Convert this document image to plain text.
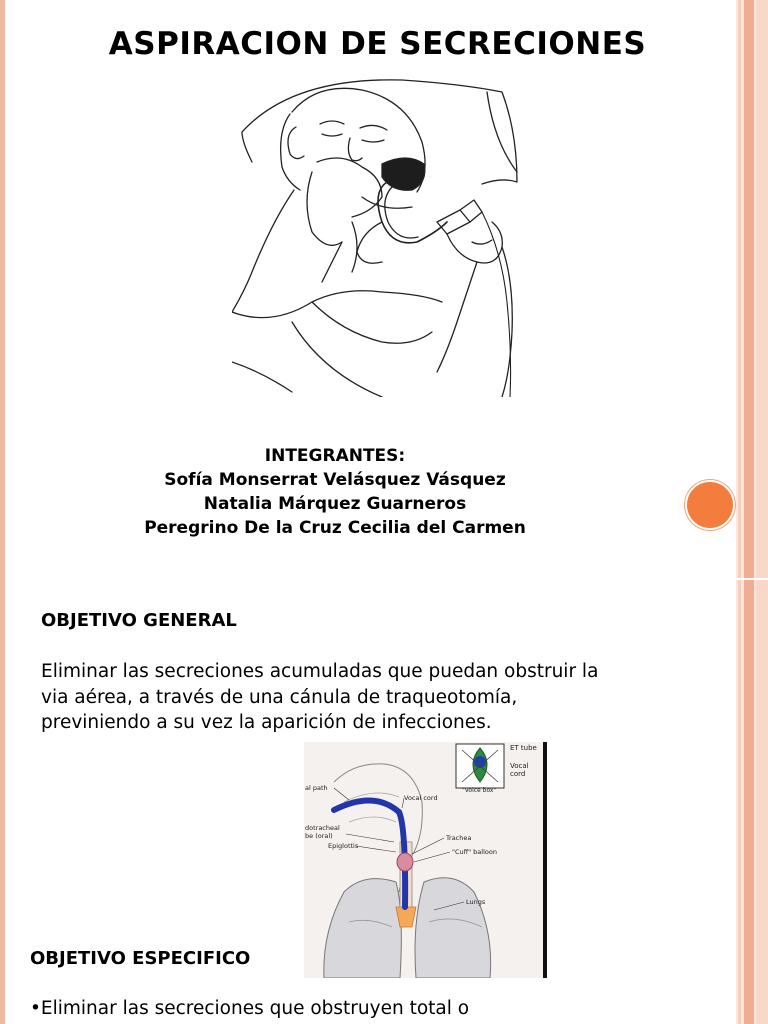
ASPIRACION DE SECRECIONES
INTEGRANTES:
Sofía Monserrat Velásquez Vásquez
Natalia Márquez Guarneros
Peregrino De la Cruz Cecilia del Carmen
OBJETIVO GENERAL
Eliminar las secreciones acumuladas que puedan obstruir la
via aérea, a través de una cánula de traqueotomía,
previniendo a su vez la aparición de infecciones.
ET tube
Vocal
cord
"Voice box"
al path
Vocal cord
dotracheal
be (oral)
Epiglottis
Trachea
"Cuff" balloon
Lungs
OBJETIVO ESPECIFICO
•Eliminar las secreciones que obstruyen total o
